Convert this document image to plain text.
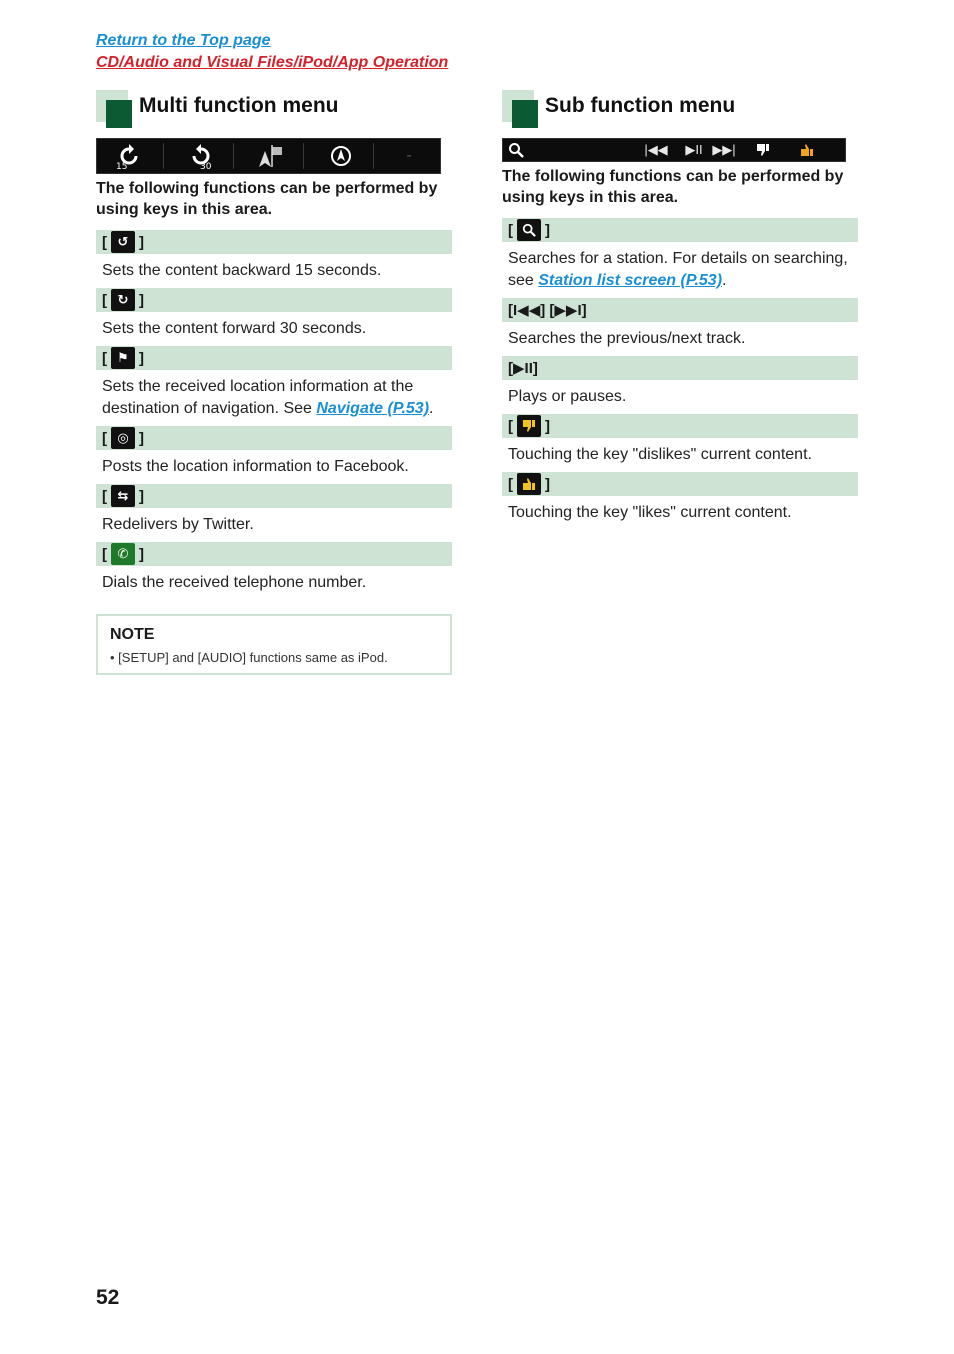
Return to the Top page
CD/Audio and Visual Files/iPod/App Operation
Multi function menu
15	30
-
The following functions can be performed by using keys in this area.
[ ↺ ]
Sets the content backward 15 seconds.
[ ↻ ]
Sets the content forward 30 seconds.
[ ⚑ ]
Sets the received location information at the destination of navigation. See Navigate (P.53).
[ ◎ ]
Posts the location information to Facebook.
[ ⇆ ]
Redelivers by Twitter.
[ ✆ ]
Dials the received telephone number.
NOTE
• [SETUP] and [AUDIO] functions same as iPod.
Sub function menu
|◀◀	▶II ▶▶|
The following functions can be performed by using keys in this area.
[ ]
Searches for a station. For details on searching, see Station list screen (P.53).
[I◀◀] [▶▶I]
Searches the previous/next track.
[▶II]
Plays or pauses.
[ ]
Touching the key "dislikes" current content.
[ ]
Touching the key "likes" current content.
52
